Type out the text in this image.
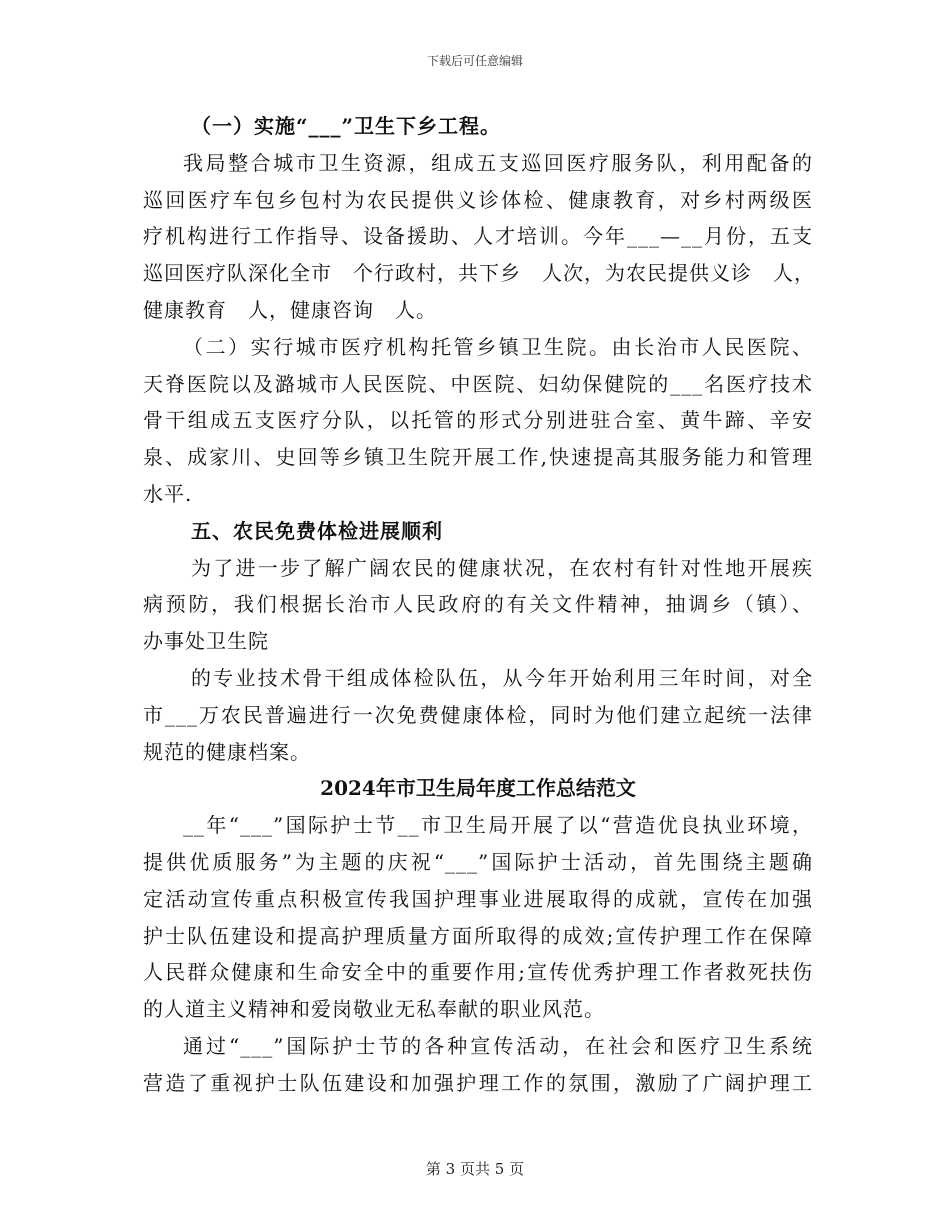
下载后可任意编辑
（一）实施“___”卫生下乡工程。
我局整合城市卫生资源，组成五支巡回医疗服务队，利用配备的
巡回医疗车包乡包村为农民提供义诊体检、健康教育，对乡村两级医
疗机构进行工作指导、设备援助、人才培训。今年___—__月份，五支
巡回医疗队深化全市　个行政村，共下乡　人次，为农民提供义诊　人，
健康教育　人，健康咨询　人。
（二）实行城市医疗机构托管乡镇卫生院。由长治市人民医院、
天脊医院以及潞城市人民医院、中医院、妇幼保健院的___名医疗技术
骨干组成五支医疗分队，以托管的形式分别进驻合室、黄牛蹄、辛安
泉、成家川、史回等乡镇卫生院开展工作,快速提高其服务能力和管理
水平.
五、农民免费体检进展顺利
为了进一步了解广阔农民的健康状况，在农村有针对性地开展疾
病预防，我们根据长治市人民政府的有关文件精神，抽调乡（镇）、
办事处卫生院
的专业技术骨干组成体检队伍，从今年开始利用三年时间，对全
市___万农民普遍进行一次免费健康体检，同时为他们建立起统一法律
规范的健康档案。
2024年市卫生局年度工作总结范文
__年“___”国际护士节__市卫生局开展了以“营造优良执业环境，
提供优质服务”为主题的庆祝“___”国际护士活动，首先围绕主题确
定活动宣传重点积极宣传我国护理事业进展取得的成就，宣传在加强
护士队伍建设和提高护理质量方面所取得的成效;宣传护理工作在保障
人民群众健康和生命安全中的重要作用;宣传优秀护理工作者救死扶伤
的人道主义精神和爱岗敬业无私奉献的职业风范。
通过“___”国际护士节的各种宣传活动，在社会和医疗卫生系统
营造了重视护士队伍建设和加强护理工作的氛围，激励了广阔护理工
第 3 页共 5 页
